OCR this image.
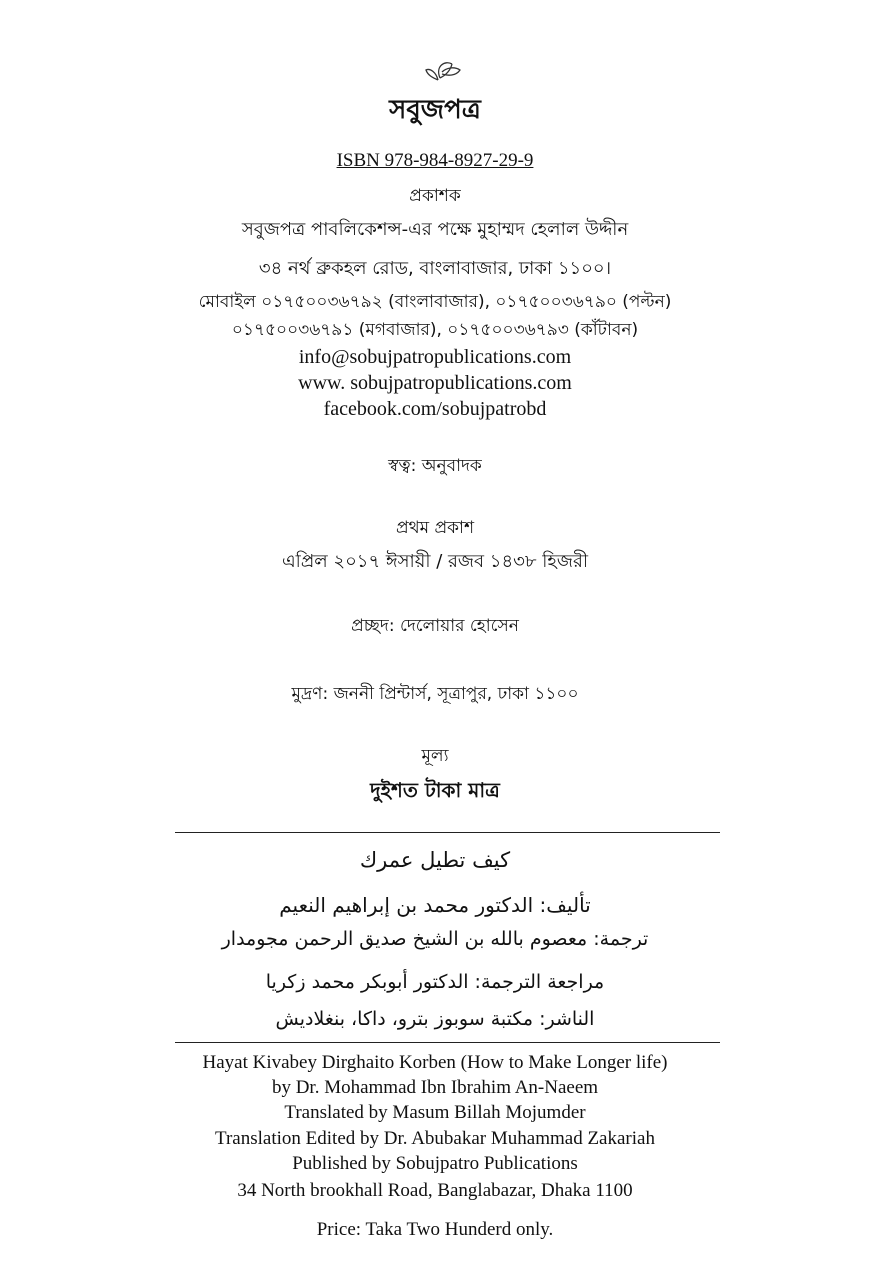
সবুজপত্র
ISBN 978-984-8927-29-9
প্রকাশক
সবুজপত্র পাবলিকেশন্স-এর পক্ষে মুহাম্মদ হেলাল উদ্দীন
৩৪ নর্থ ব্রুকহল রোড, বাংলাবাজার, ঢাকা ১১০০।
মোবাইল ০১৭৫০০৩৬৭৯২ (বাংলাবাজার), ০১৭৫০০৩৬৭৯০ (পল্টন)
০১৭৫০০৩৬৭৯১ (মগবাজার), ০১৭৫০০৩৬৭৯৩ (কাঁটাবন)
info@sobujpatropublications.com
www. sobujpatropublications.com
facebook.com/sobujpatrobd
স্বত্ব: অনুবাদক
প্রথম প্রকাশ
এপ্রিল ২০১৭ ঈসায়ী / রজব ১৪৩৮ হিজরী
প্রচ্ছদ: দেলোয়ার হোসেন
মুদ্রণ: জননী প্রিন্টার্স, সূত্রাপুর, ঢাকা ১১০০
মূল্য
দুইশত টাকা মাত্র
كيف تطيل عمرك
تأليف: الدكتور محمد بن إبراهيم النعيم
ترجمة: معصوم بالله بن الشيخ صديق الرحمن مجومدار
مراجعة الترجمة: الدكتور أبوبكر محمد زكريا
الناشر: مكتبة سوبوز بترو، داكا، بنغلاديش
Hayat Kivabey Dirghaito Korben (How to Make Longer life)
by Dr. Mohammad Ibn Ibrahim An-Naeem
Translated by Masum Billah Mojumder
Translation Edited by Dr. Abubakar Muhammad Zakariah
Published by Sobujpatro Publications
34 North brookhall Road, Banglabazar, Dhaka 1100
Price: Taka Two Hunderd only.
